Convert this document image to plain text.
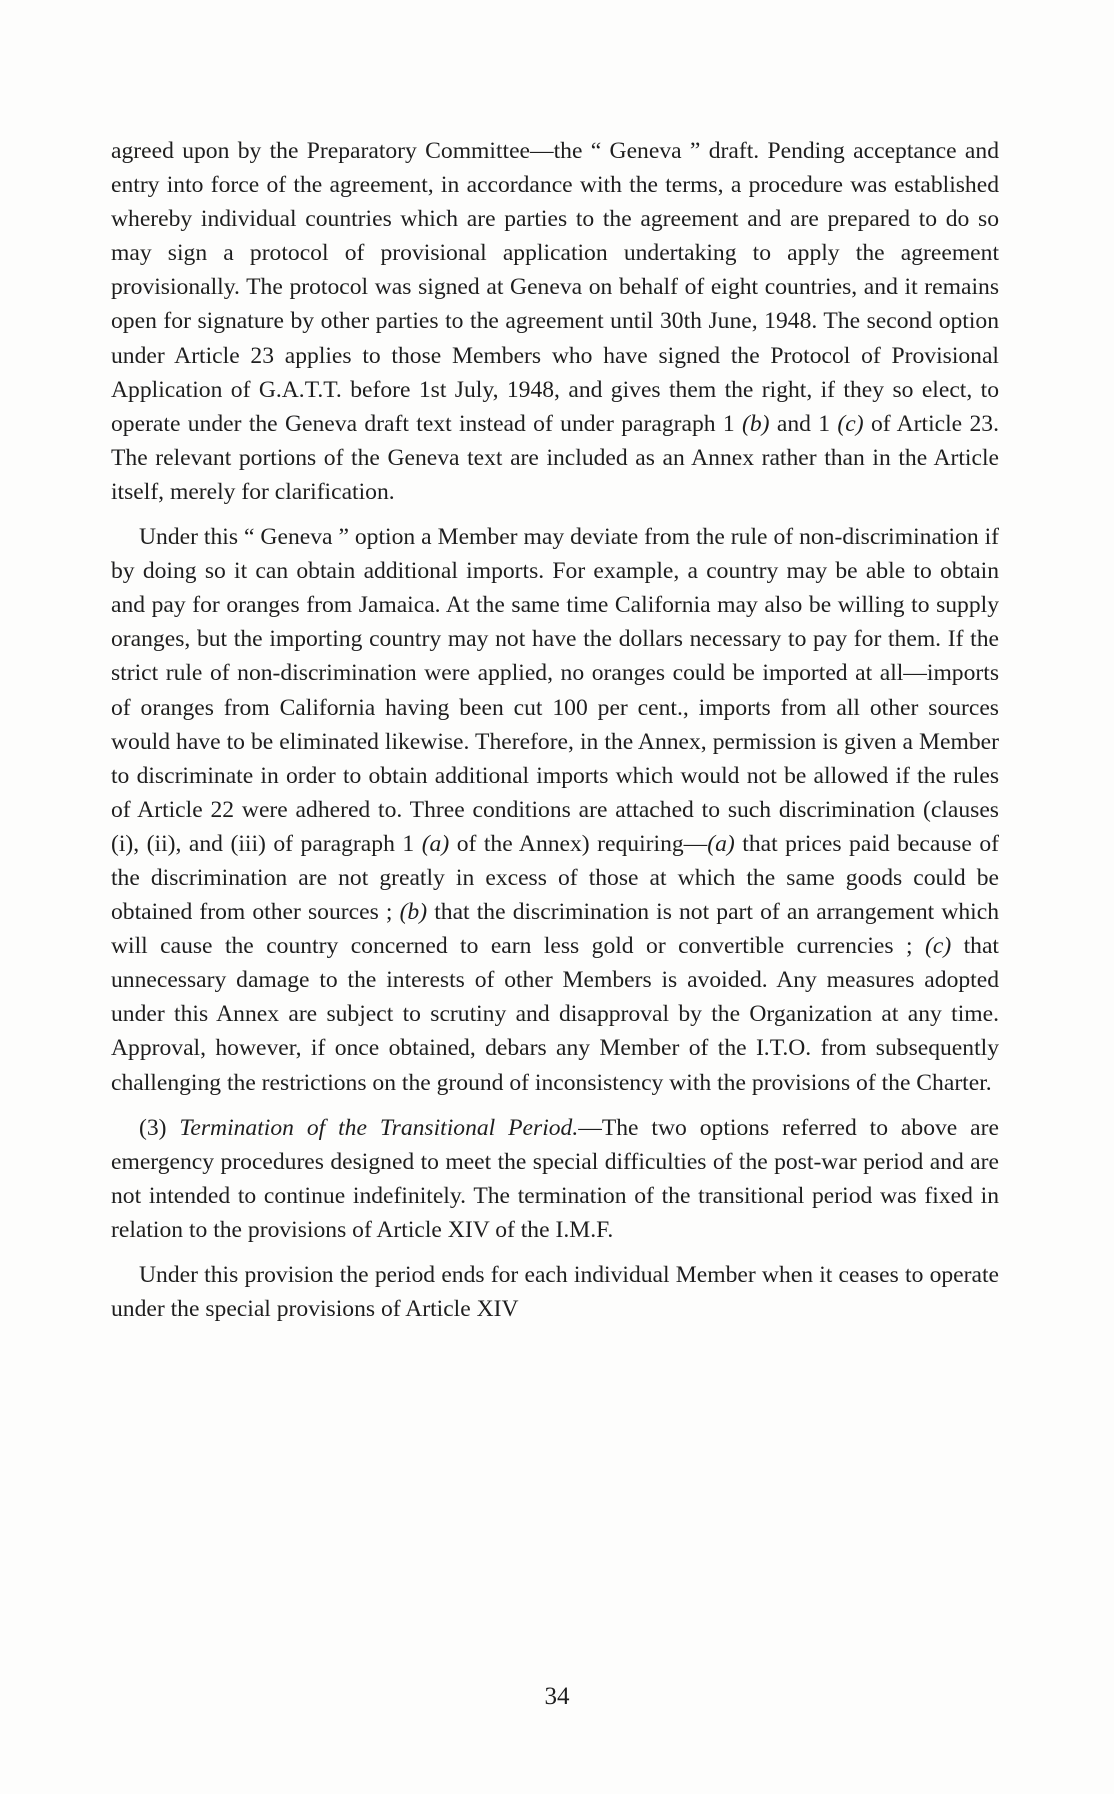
agreed upon by the Preparatory Committee—the “ Geneva ” draft. Pending acceptance and entry into force of the agreement, in accordance with the terms, a procedure was established whereby individual countries which are parties to the agreement and are prepared to do so may sign a protocol of provisional application undertaking to apply the agreement provisionally. The protocol was signed at Geneva on behalf of eight countries, and it remains open for signature by other parties to the agreement until 30th June, 1948. The second option under Article 23 applies to those Members who have signed the Protocol of Provisional Application of G.A.T.T. before 1st July, 1948, and gives them the right, if they so elect, to operate under the Geneva draft text instead of under paragraph 1 (b) and 1 (c) of Article 23. The relevant portions of the Geneva text are included as an Annex rather than in the Article itself, merely for clarification.

Under this “ Geneva ” option a Member may deviate from the rule of non-discrimination if by doing so it can obtain additional imports. For example, a country may be able to obtain and pay for oranges from Jamaica. At the same time California may also be willing to supply oranges, but the importing country may not have the dollars necessary to pay for them. If the strict rule of non-discrimination were applied, no oranges could be imported at all—imports of oranges from California having been cut 100 per cent., imports from all other sources would have to be eliminated likewise. Therefore, in the Annex, permission is given a Member to discriminate in order to obtain additional imports which would not be allowed if the rules of Article 22 were adhered to. Three conditions are attached to such discrimination (clauses (i), (ii), and (iii) of paragraph 1 (a) of the Annex) requiring—(a) that prices paid because of the discrimination are not greatly in excess of those at which the same goods could be obtained from other sources ; (b) that the discrimination is not part of an arrangement which will cause the country concerned to earn less gold or convertible currencies ; (c) that unnecessary damage to the interests of other Members is avoided. Any measures adopted under this Annex are subject to scrutiny and disapproval by the Organization at any time. Approval, however, if once obtained, debars any Member of the I.T.O. from subsequently challenging the restrictions on the ground of inconsistency with the provisions of the Charter.

(3) Termination of the Transitional Period.—The two options referred to above are emergency procedures designed to meet the special difficulties of the post-war period and are not intended to continue indefinitely. The termination of the transitional period was fixed in relation to the provisions of Article XIV of the I.M.F.

Under this provision the period ends for each individual Member when it ceases to operate under the special provisions of Article XIV

34
